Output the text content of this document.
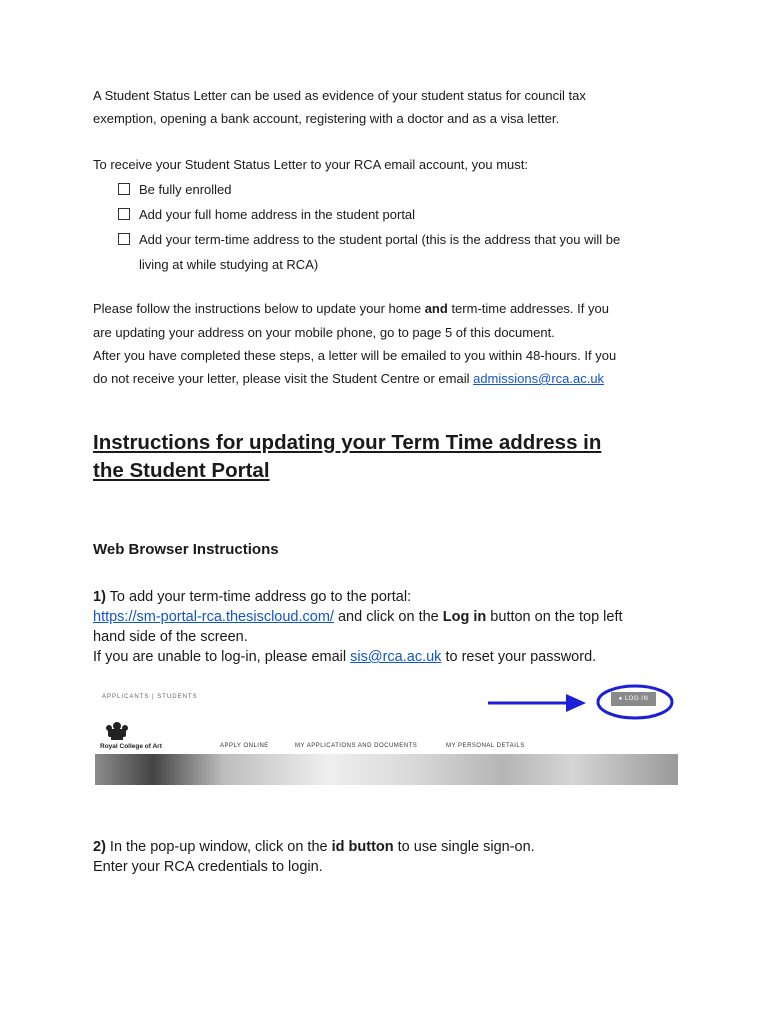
A Student Status Letter can be used as evidence of your student status for council tax

exemption, opening a bank account, registering with a doctor and as a visa letter.

To receive your Student Status Letter to your RCA email account, you must:

Be fully enrolled
Add your full home address in the student portal
Add your term-time address to the student portal (this is the address that you will be
living at while studying at RCA)

Please follow the instructions below to update your home and term-time addresses. If you

are updating your address on your mobile phone, go to page 5 of this document.

After you have completed these steps, a letter will be emailed to you within 48-hours. If you

do not receive your letter, please visit the Student Centre or email admissions@rca.ac.uk

Instructions for updating your Term Time address in
the Student Portal
Web Browser Instructions

1) To add your term-time address go to the portal:

https://sm-portal-rca.thesiscloud.com/ and click on the Log in button on the top left

hand side of the screen.

If you are unable to log-in, please email sis@rca.ac.uk to reset your password.

APPLICANTS | STUDENTS
Royal College of Art	APPLY ONLINE	MY APPLICATIONS AND DOCUMENTS	MY PERSONAL DETAILS
● LOG IN

2) In the pop-up window, click on the id button to use single sign-on.

Enter your RCA credentials to login.
